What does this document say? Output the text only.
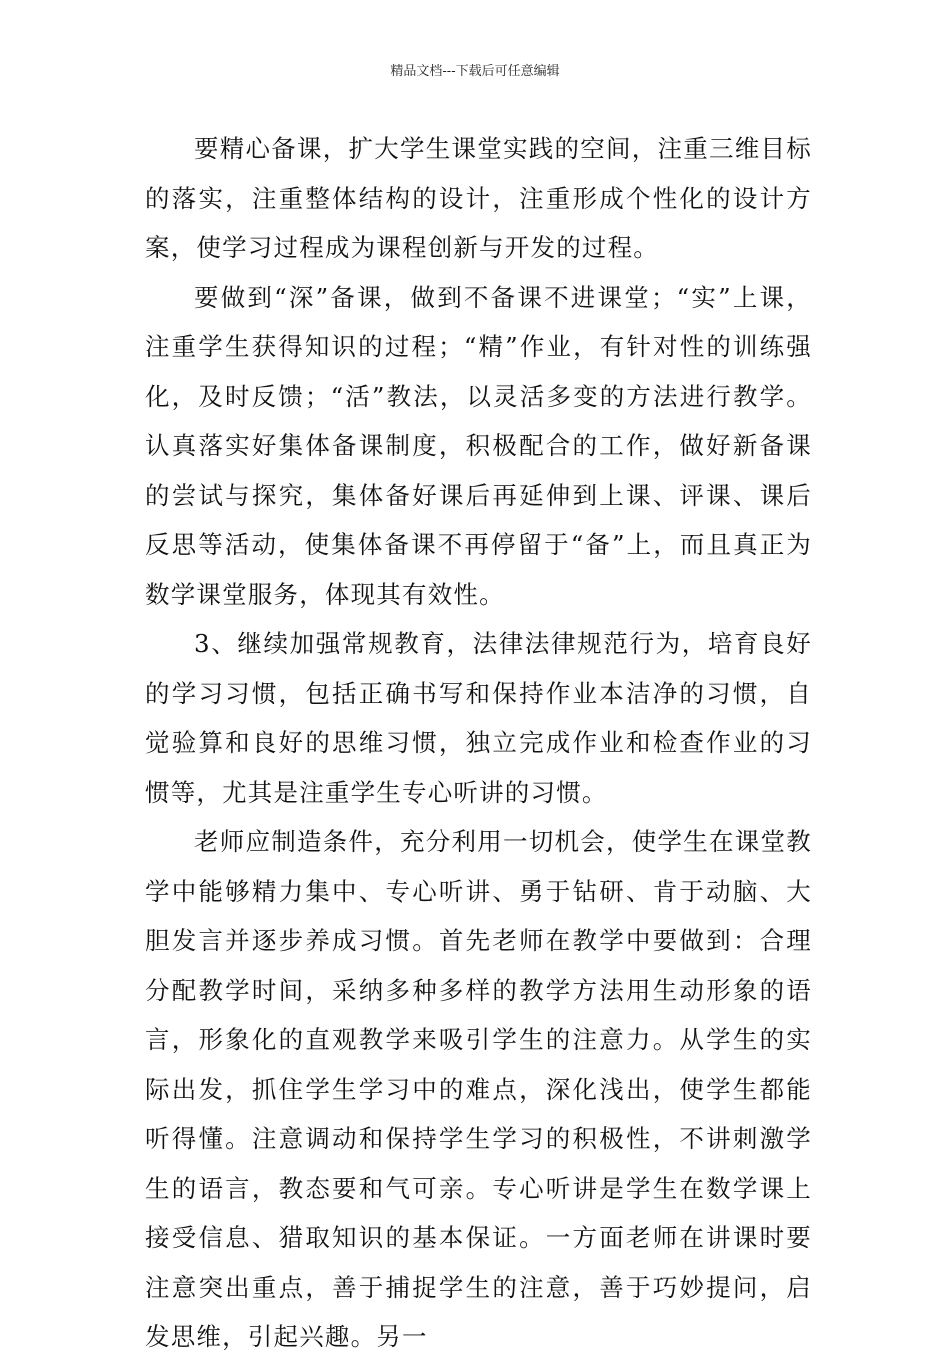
精品文档---下载后可任意编辑

要精心备课，扩大学生课堂实践的空间，注重三维目标的落实，注重整体结构的设计，注重形成个性化的设计方案，使学习过程成为课程创新与开发的过程。

要做到“深”备课，做到不备课不进课堂；“实”上课，注重学生获得知识的过程；“精”作业，有针对性的训练强化，及时反馈；“活”教法，以灵活多变的方法进行教学。认真落实好集体备课制度，积极配合的工作，做好新备课的尝试与探究，集体备好课后再延伸到上课、评课、课后反思等活动，使集体备课不再停留于“备”上，而且真正为数学课堂服务，体现其有效性。

3、继续加强常规教育，法律法律规范行为，培育良好的学习习惯，包括正确书写和保持作业本洁净的习惯，自觉验算和良好的思维习惯，独立完成作业和检查作业的习惯等，尤其是注重学生专心听讲的习惯。

老师应制造条件，充分利用一切机会，使学生在课堂教学中能够精力集中、专心听讲、勇于钻研、肯于动脑、大胆发言并逐步养成习惯。首先老师在教学中要做到：合理分配教学时间，采纳多种多样的教学方法用生动形象的语言，形象化的直观教学来吸引学生的注意力。从学生的实际出发，抓住学生学习中的难点，深化浅出，使学生都能听得懂。注意调动和保持学生学习的积极性，不讲刺激学生的语言，教态要和气可亲。专心听讲是学生在数学课上接受信息、猎取知识的基本保证。一方面老师在讲课时要注意突出重点，善于捕捉学生的注意，善于巧妙提问，启发思维，引起兴趣。另一
